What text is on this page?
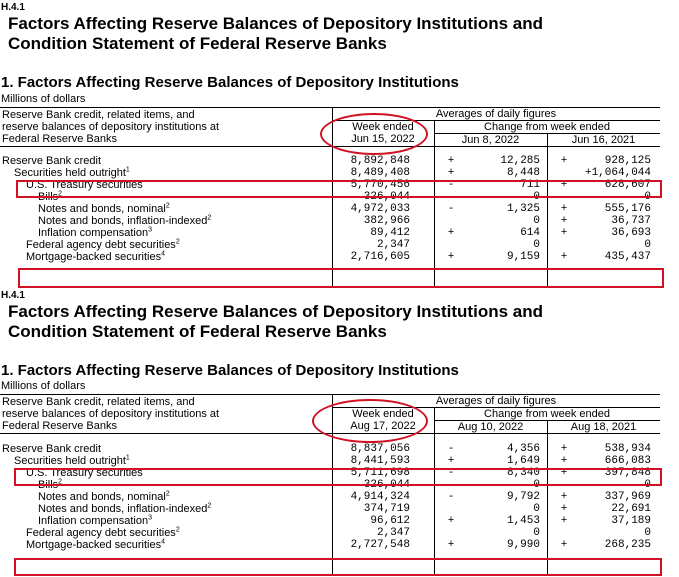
H.4.1
Factors Affecting Reserve Balances of Depository Institutions and
Condition Statement of Federal Reserve Banks
1. Factors Affecting Reserve Balances of Depository Institutions
Millions of dollars
Reserve Bank credit, related items, and
reserve balances of depository institutions at
Federal Reserve Banks
Averages of daily figures
Change from week ended
Week ended
Jun 15, 2022	Jun 8, 2022	Jun 16, 2021
Reserve Bank credit	8,892,848	+	12,285	+	928,125
Securities held outright$^1$	8,489,408	+	8,448	+1,064,044
U.S. Treasury securities	5,770,456	-	711	+	628,607
Bills$^2$	326,044	0	0
Notes and bonds, nominal$^2$	4,972,033	-	1,325	+	555,176
Notes and bonds, inflation-indexed$^2$	382,966	0	+	36,737
Inflation compensation$^3$	89,412	+	614	+	36,693
Federal agency debt securities$^2$	2,347	0	0
Mortgage-backed securities$^4$	2,716,605	+	9,159	+	435,437
H.4.1
Factors Affecting Reserve Balances of Depository Institutions and
Condition Statement of Federal Reserve Banks
1. Factors Affecting Reserve Balances of Depository Institutions
Millions of dollars
Reserve Bank credit, related items, and
reserve balances of depository institutions at
Federal Reserve Banks
Averages of daily figures
Change from week ended
Week ended
Aug 17, 2022	Aug 10, 2022	Aug 18, 2021
Reserve Bank credit	8,837,056	-	4,356	+	538,934
Securities held outright$^1$	8,441,593	+	1,649	+	666,083
U.S. Treasury securities	5,711,698	-	8,340	+	397,848
Bills$^2$	326,044	0	0
Notes and bonds, nominal$^2$	4,914,324	-	9,792	+	337,969
Notes and bonds, inflation-indexed$^2$	374,719	0	+	22,691
Inflation compensation$^3$	96,612	+	1,453	+	37,189
Federal agency debt securities$^2$	2,347	0	0
Mortgage-backed securities$^4$	2,727,548	+	9,990	+	268,235
